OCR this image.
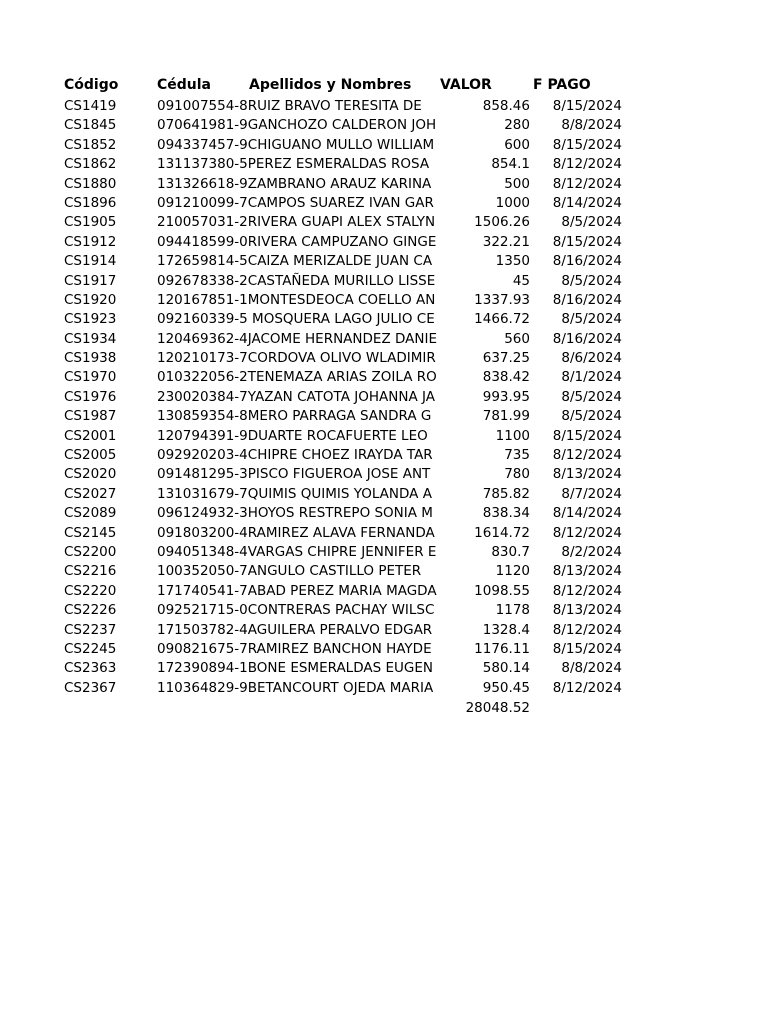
Código	Cédula	Apellidos y Nombres	VALOR	F PAGO
CS1419	091007554-8RUIZ BRAVO TERESITA DE	858.46 8/15/2024
CS1845	070641981-9GANCHOZO CALDERON JOH	280 8/8/2024
CS1852	094337457-9CHIGUANO MULLO WILLIAM	600 8/15/2024
CS1862	131137380-5PEREZ ESMERALDAS ROSA	854.1 8/12/2024
CS1880	131326618-9ZAMBRANO ARAUZ KARINA	500 8/12/2024
CS1896	091210099-7CAMPOS SUAREZ IVAN GAR	1000 8/14/2024
CS1905	210057031-2RIVERA GUAPI ALEX STALYN	1506.26 8/5/2024
CS1912	094418599-0RIVERA CAMPUZANO GINGE	322.21 8/15/2024
CS1914	172659814-5CAIZA MERIZALDE JUAN CA	1350 8/16/2024
CS1917	092678338-2CASTAÑEDA MURILLO LISSE	45 8/5/2024
CS1920	120167851-1MONTESDEOCA COELLO AN	1337.93 8/16/2024
CS1923	092160339-5 MOSQUERA LAGO JULIO CE	1466.72 8/5/2024
CS1934	120469362-4JACOME HERNANDEZ DANIE	560 8/16/2024
CS1938	120210173-7CORDOVA OLIVO WLADIMIR	637.25 8/6/2024
CS1970	010322056-2TENEMAZA ARIAS ZOILA RO	838.42 8/1/2024
CS1976	230020384-7YAZAN CATOTA JOHANNA JA	993.95 8/5/2024
CS1987	130859354-8MERO PARRAGA SANDRA G	781.99 8/5/2024
CS2001	120794391-9DUARTE ROCAFUERTE LEO	1100 8/15/2024
CS2005	092920203-4CHIPRE CHOEZ IRAYDA TAR	735 8/12/2024
CS2020	091481295-3PISCO FIGUEROA JOSE ANT	780 8/13/2024
CS2027	131031679-7QUIMIS QUIMIS YOLANDA A	785.82 8/7/2024
CS2089	096124932-3HOYOS RESTREPO SONIA M	838.34 8/14/2024
CS2145	091803200-4RAMIREZ ALAVA FERNANDA	1614.72 8/12/2024
CS2200	094051348-4VARGAS CHIPRE JENNIFER E	830.7 8/2/2024
CS2216	100352050-7ANGULO CASTILLO PETER	1120 8/13/2024
CS2220	171740541-7ABAD PEREZ MARIA MAGDA	1098.55 8/12/2024
CS2226	092521715-0CONTRERAS PACHAY WILSC	1178 8/13/2024
CS2237	171503782-4AGUILERA PERALVO EDGAR	1328.4 8/12/2024
CS2245	090821675-7RAMIREZ BANCHON HAYDE	1176.11 8/15/2024
CS2363	172390894-1BONE ESMERALDAS EUGEN	580.14 8/8/2024
CS2367	110364829-9BETANCOURT OJEDA MARIA	950.45 8/12/2024
28048.52
